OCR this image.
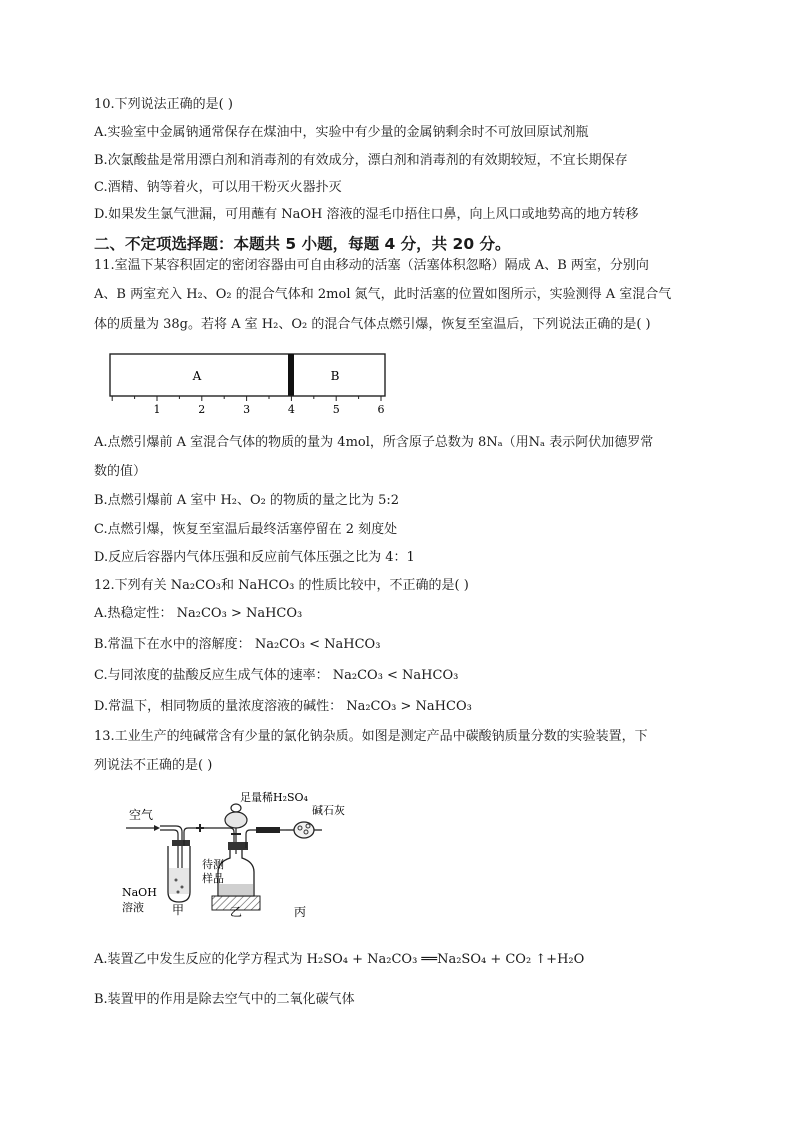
10.下列说法正确的是( )
A.实验室中金属钠通常保存在煤油中，实验中有少量的金属钠剩余时不可放回原试剂瓶
B.次氯酸盐是常用漂白剂和消毒剂的有效成分，漂白剂和消毒剂的有效期较短，不宜长期保存
C.酒精、钠等着火，可以用干粉灭火器扑灭
D.如果发生氯气泄漏，可用蘸有 NaOH 溶液的湿毛巾捂住口鼻，向上风口或地势高的地方转移
二、不定项选择题：本题共 5 小题，每题 4 分，共 20 分。
11.室温下某容积固定的密闭容器由可自由移动的活塞（活塞体积忽略）隔成 A、B 两室，分别向
A、B 两室充入 H₂、O₂ 的混合气体和 2mol 氮气，此时活塞的位置如图所示，实验测得 A 室混合气
体的质量为 38g。若将 A 室 H₂、O₂ 的混合气体点燃引爆，恢复至室温后，下列说法正确的是( )
A	B
1	2	3	4	5	6
A.点燃引爆前 A 室混合气体的物质的量为 4mol，所含原子总数为 8Nₐ（用Nₐ 表示阿伏加德罗常
数的值）
B.点燃引爆前 A 室中 H₂、O₂ 的物质的量之比为 5:2
C.点燃引爆，恢复至室温后最终活塞停留在 2 刻度处
D.反应后容器内气体压强和反应前气体压强之比为 4：1
12.下列有关 Na₂CO₃和 NaHCO₃ 的性质比较中，不正确的是( )
A.热稳定性： Na₂CO₃ > NaHCO₃
B.常温下在水中的溶解度： Na₂CO₃ < NaHCO₃
C.与同浓度的盐酸反应生成气体的速率： Na₂CO₃ < NaHCO₃
D.常温下，相同物质的量浓度溶液的碱性： Na₂CO₃ > NaHCO₃
13.工业生产的纯碱常含有少量的氯化钠杂质。如图是测定产品中碳酸钠质量分数的实验装置，下
列说法不正确的是( )
空气
足量稀H₂SO₄
待测
样品
碱石灰
NaOH
溶液 甲	乙	丙
A.装置乙中发生反应的化学方程式为 H₂SO₄ + Na₂CO₃ ══Na₂SO₄ + CO₂ ↑+H₂O
B.装置甲的作用是除去空气中的二氧化碳气体
